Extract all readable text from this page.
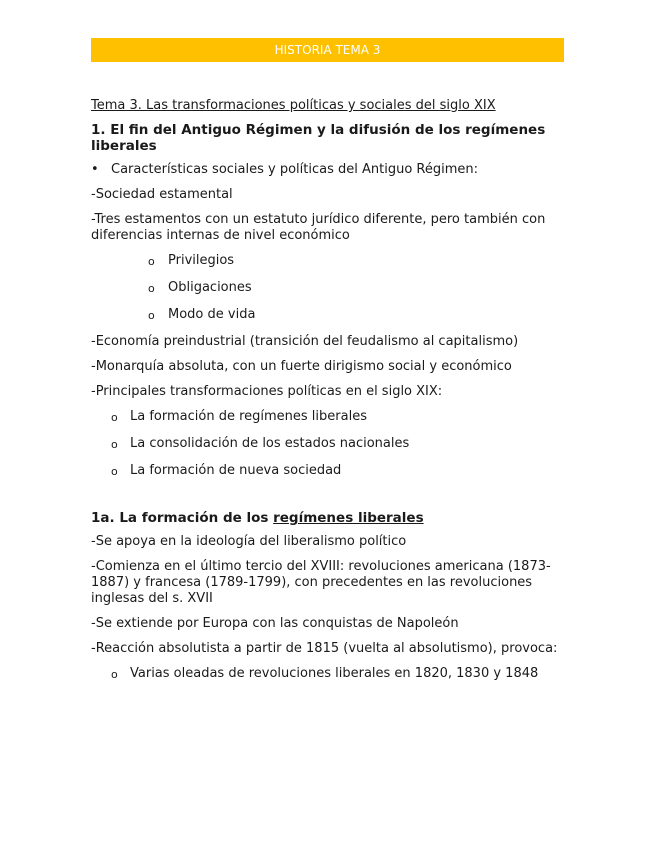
HISTORIA TEMA 3

Tema 3. Las transformaciones políticas y sociales del siglo XIX

1. El fin del Antiguo Régimen y la difusión de los regímenes liberales

• Características sociales y políticas del Antiguo Régimen:

-Sociedad estamental

-Tres estamentos con un estatuto jurídico diferente, pero también con diferencias internas de nivel económico

o Privilegios
o Obligaciones
o Modo de vida

-Economía preindustrial (transición del feudalismo al capitalismo)

-Monarquía absoluta, con un fuerte dirigismo social y económico

-Principales transformaciones políticas en el siglo XIX:

o La formación de regímenes liberales
o La consolidación de los estados nacionales
o La formación de nueva sociedad

1a. La formación de los regímenes liberales

-Se apoya en la ideología del liberalismo político

-Comienza en el último tercio del XVIII: revoluciones americana (1873-1887) y francesa (1789-1799), con precedentes en las revoluciones inglesas del s. XVII

-Se extiende por Europa con las conquistas de Napoleón

-Reacción absolutista a partir de 1815 (vuelta al absolutismo), provoca:

o Varias oleadas de revoluciones liberales en 1820, 1830 y 1848
